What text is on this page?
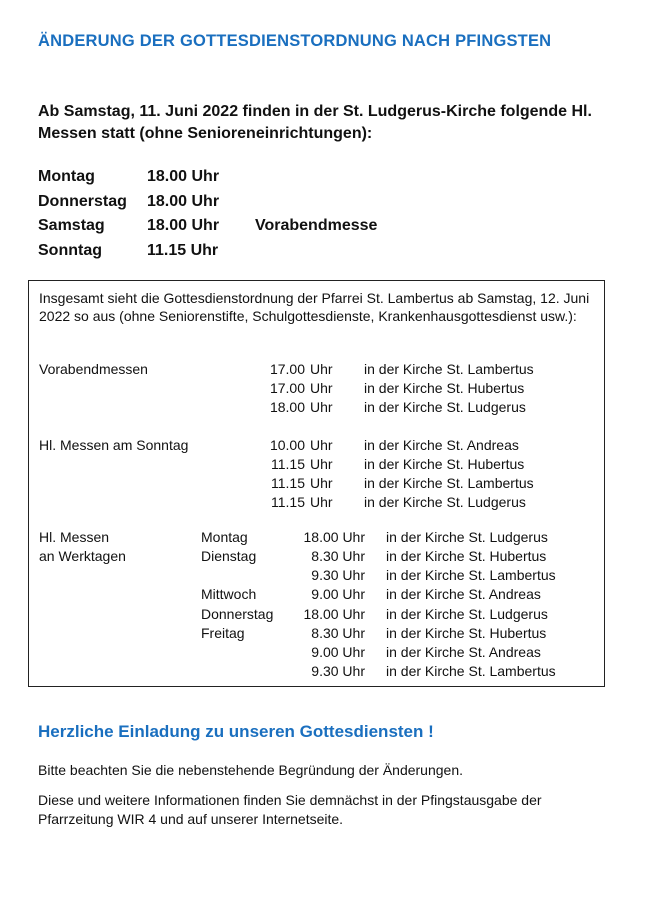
ÄNDERUNG DER GOTTESDIENSTORDNUNG NACH PFINGSTEN
Ab Samstag, 11. Juni 2022 finden in der St. Ludgerus-Kirche folgende Hl. Messen statt (ohne Senioreneinrichtungen):
Montag	18.00 Uhr
Donnerstag 18.00 Uhr
Samstag	18.00 Uhr Vorabendmesse
Sonntag	11.15 Uhr
Insgesamt sieht die Gottesdienstordnung der Pfarrei St. Lambertus ab Samstag, 12. Juni 2022 so aus (ohne Seniorenstifte, Schulgottesdienste, Krankenhausgottesdienst usw.):
Vorabendmessen	17.00 Uhr in der Kirche St. Lambertus
17.00 Uhr in der Kirche St. Hubertus
18.00 Uhr in der Kirche St. Ludgerus
Hl. Messen am Sonntag	10.00 Uhr in der Kirche St. Andreas
11.15 Uhr in der Kirche St. Hubertus
11.15 Uhr in der Kirche St. Lambertus
11.15 Uhr in der Kirche St. Ludgerus
Hl. Messen	Montag	18.00 Uhr in der Kirche St. Ludgerus
an Werktagen	Dienstag	8.30 Uhr in der Kirche St. Hubertus
9.30 Uhr in der Kirche St. Lambertus
Mittwoch	9.00 Uhr in der Kirche St. Andreas
Donnerstag	18.00 Uhr in der Kirche St. Ludgerus
Freitag	8.30 Uhr in der Kirche St. Hubertus
9.00 Uhr in der Kirche St. Andreas
9.30 Uhr in der Kirche St. Lambertus
Herzliche Einladung zu unseren Gottesdiensten !
Bitte beachten Sie die nebenstehende Begründung der Änderungen.
Diese und weitere Informationen finden Sie demnächst in der Pfingstausgabe der Pfarrzeitung WIR 4 und auf unserer Internetseite.
